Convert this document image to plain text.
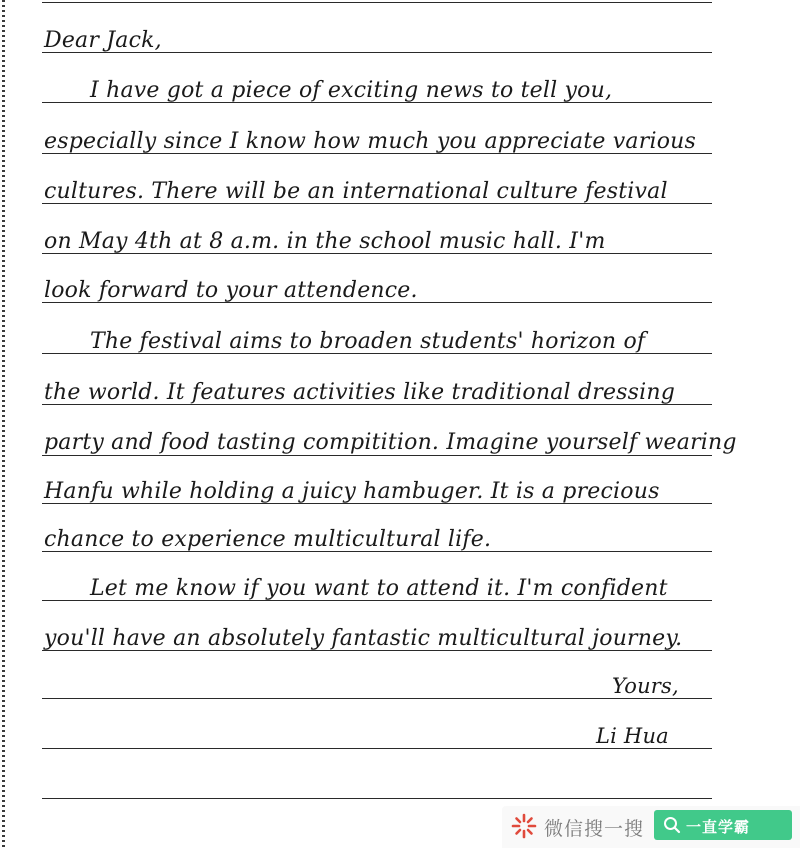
Dear Jack,
I have got a piece of exciting news to tell you,
especially since I know how much you appreciate various
cultures. There will be an international culture festival
on May 4th at 8 a.m. in the school music hall. I'm
look forward to your attendence.
The festival aims to broaden students' horizon of
the world. It features activities like traditional dressing
party and food tasting compitition. Imagine yourself wearing
Hanfu while holding a juicy hambuger. It is a precious
chance to experience multicultural life.
Let me know if you want to attend it. I'm confident
you'll have an absolutely fantastic multicultural journey.
Yours,
Li Hua
微信搜一搜	一直学霸
